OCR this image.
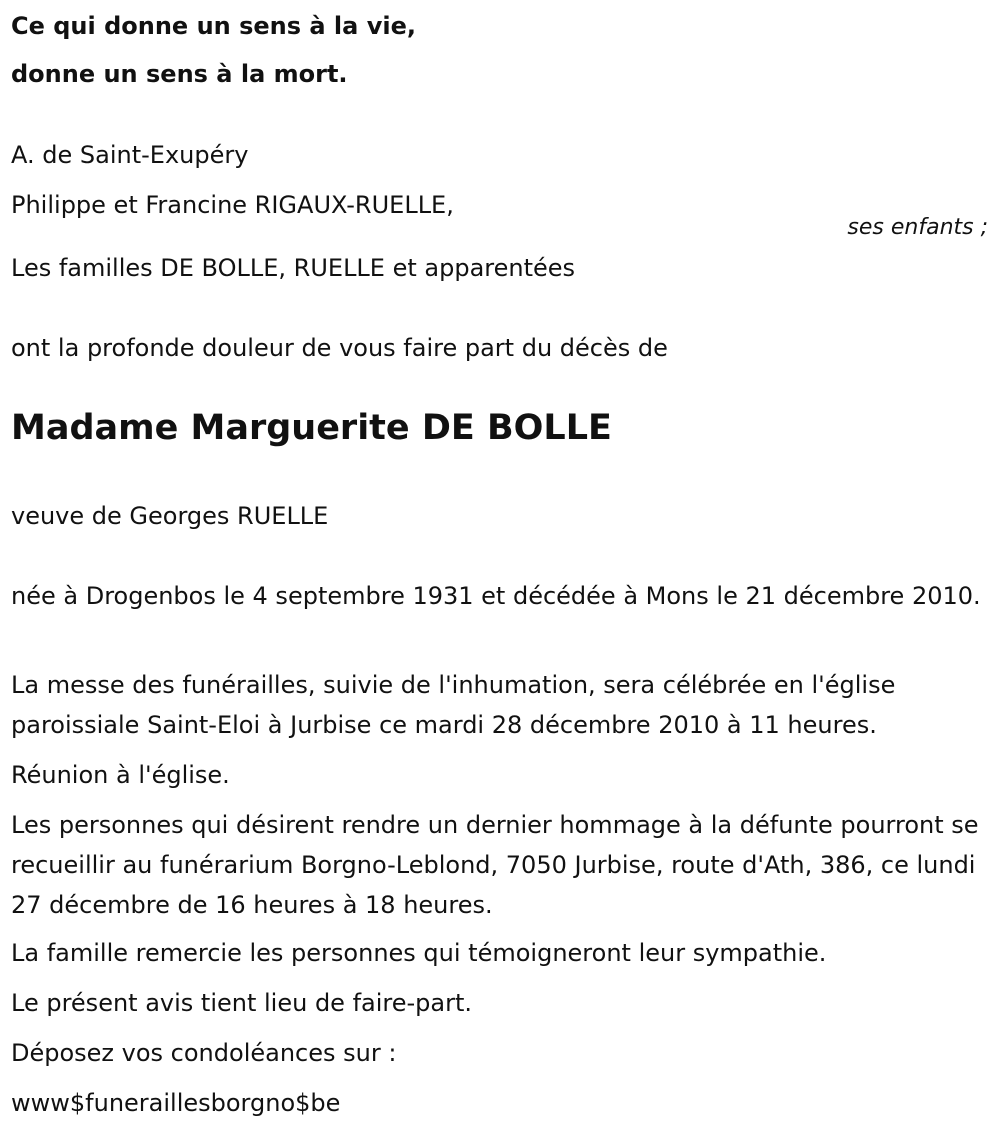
Ce qui donne un sens à la vie,
donne un sens à la mort.
A. de Saint-Exupéry
Philippe et Francine RIGAUX-RUELLE,
ses enfants ;
Les familles DE BOLLE, RUELLE et apparentées
ont la profonde douleur de vous faire part du décès de
Madame Marguerite DE BOLLE
veuve de Georges RUELLE
née à Drogenbos le 4 septembre 1931 et décédée à Mons le 21 décembre 2010.
La messe des funérailles, suivie de l'inhumation, sera célébrée en l'église paroissiale Saint-Eloi à Jurbise ce mardi 28 décembre 2010 à 11 heures.
Réunion à l'église.
Les personnes qui désirent rendre un dernier hommage à la défunte pourront se recueillir au funérarium Borgno-Leblond, 7050 Jurbise, route d'Ath, 386, ce lundi 27 décembre de 16 heures à 18 heures.
La famille remercie les personnes qui témoigneront leur sympathie.
Le présent avis tient lieu de faire-part.
Déposez vos condoléances sur :
www$funeraillesborgno$be
